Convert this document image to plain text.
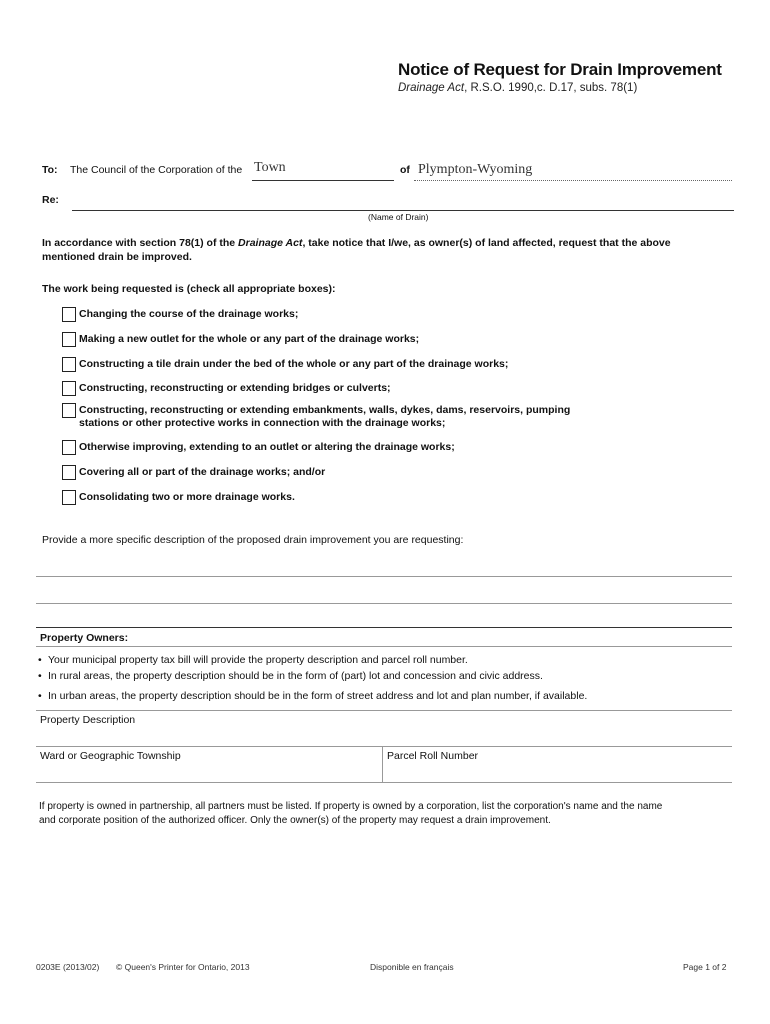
Notice of Request for Drain Improvement
Drainage Act, R.S.O. 1990,c. D.17, subs. 78(1)
To: The Council of the Corporation of the Town	of Plympton-Wyoming
Re:
(Name of Drain)
In accordance with section 78(1) of the Drainage Act, take notice that I/we, as owner(s) of land affected, request that the above
mentioned drain be improved.
The work being requested is (check all appropriate boxes):
Changing the course of the drainage works;
Making a new outlet for the whole or any part of the drainage works;
Constructing a tile drain under the bed of the whole or any part of the drainage works;
Constructing, reconstructing or extending bridges or culverts;
Constructing, reconstructing or extending embankments, walls, dykes, dams, reservoirs, pumping
stations or other protective works in connection with the drainage works;
Otherwise improving, extending to an outlet or altering the drainage works;
Covering all or part of the drainage works; and/or
Consolidating two or more drainage works.
Provide a more specific description of the proposed drain improvement you are requesting:
Property Owners:
• Your municipal property tax bill will provide the property description and parcel roll number.
• In rural areas, the property description should be in the form of (part) lot and concession and civic address.
• In urban areas, the property description should be in the form of street address and lot and plan number, if available.
Property Description
Ward or Geographic Township	Parcel Roll Number
If property is owned in partnership, all partners must be listed. If property is owned by a corporation, list the corporation's name and the name
and corporate position of the authorized officer. Only the owner(s) of the property may request a drain improvement.
0203E (2013/02) © Queen's Printer for Ontario, 2013	Disponible en français	Page 1 of 2
